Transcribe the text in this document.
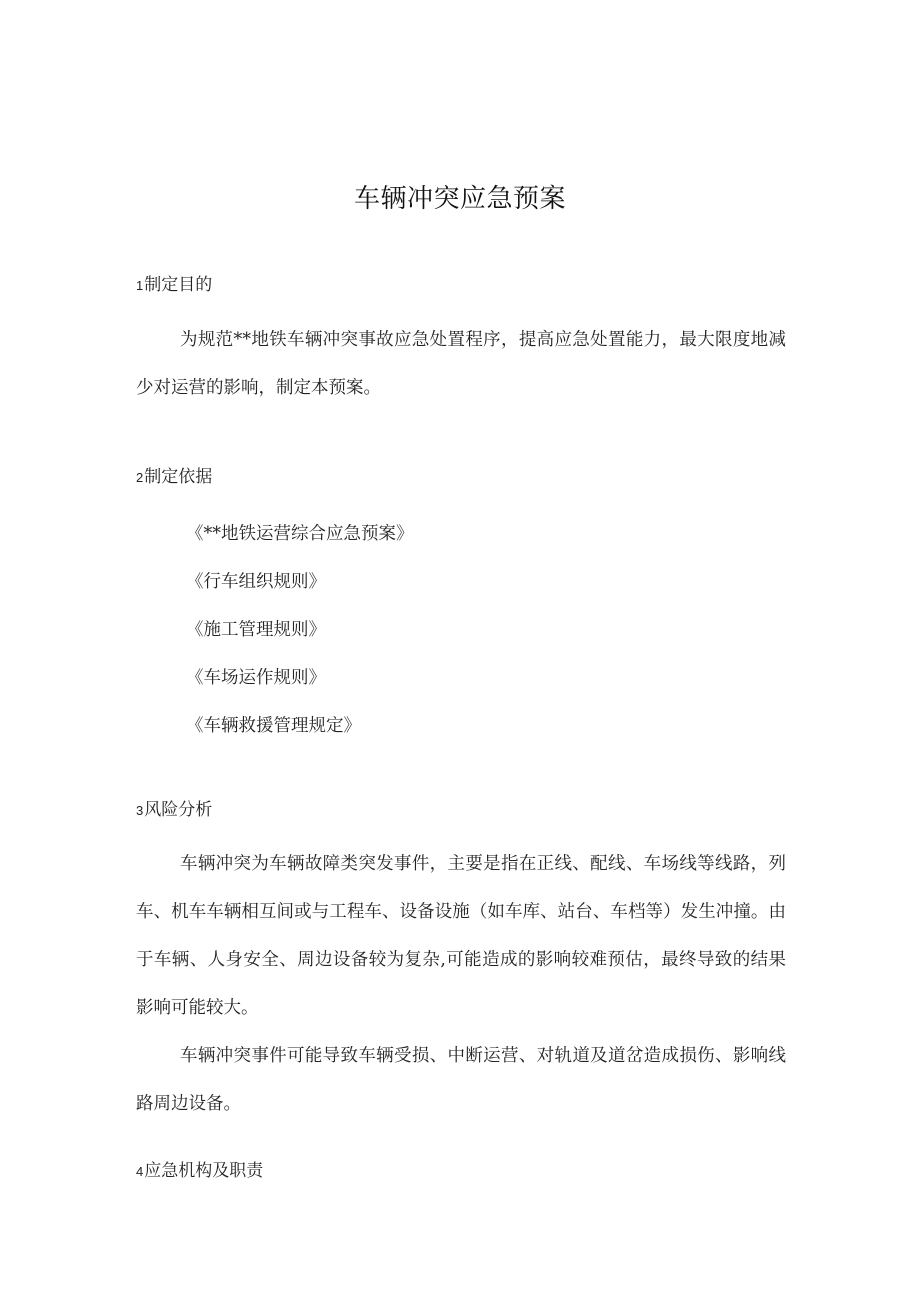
车辆冲突应急预案
1制定目的

为规范**地铁车辆冲突事故应急处置程序，提高应急处置能力，最大限度地减少对运营的影响，制定本预案。

2制定依据
《**地铁运营综合应急预案》
《行车组织规则》
《施工管理规则》
《车场运作规则》
《车辆救援管理规定》
3风险分析

车辆冲突为车辆故障类突发事件，主要是指在正线、配线、车场线等线路，列车、机车车辆相互间或与工程车、设备设施（如车库、站台、车档等）发生冲撞。由于车辆、人身安全、周边设备较为复杂,可能造成的影响较难预估，最终导致的结果影响可能较大。

车辆冲突事件可能导致车辆受损、中断运营、对轨道及道岔造成损伤、影响线路周边设备。

4应急机构及职责
